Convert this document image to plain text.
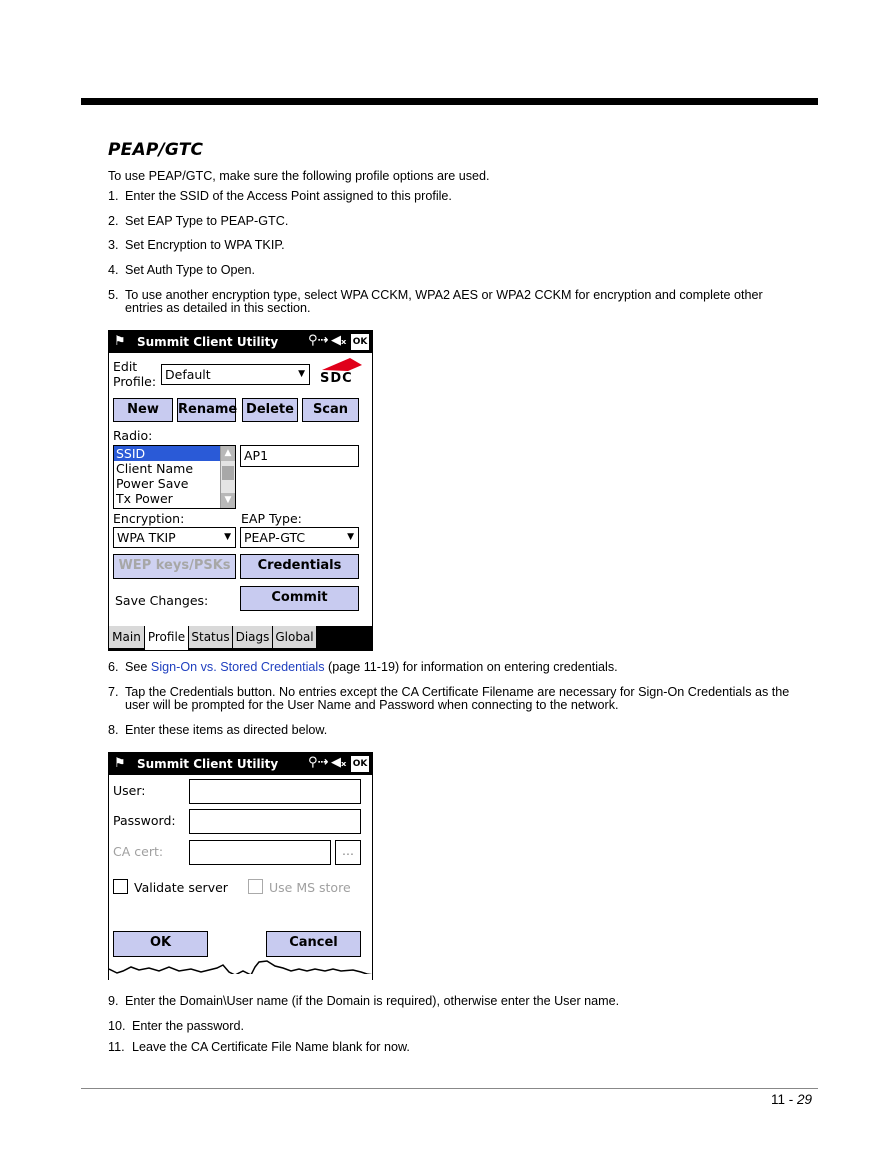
PEAP/GTC
To use PEAP/GTC, make sure the following profile options are used.
1. Enter the SSID of the Access Point assigned to this profile.
2. Set EAP Type to PEAP-GTC.
3. Set Encryption to WPA TKIP.
4. Set Auth Type to Open.
5. To use another encryption type, select WPA CCKM, WPA2 AES or WPA2 CCKM for encryption and complete other
entries as detailed in this section.
⚑ Summit Client Utility ⚲⇢ ◀ₓ OK
Edit
Profile: Default	▼ SDC
New	Rename Delete	Scan
Radio:
SSID
Client Name
Power Save
Tx Power
▲
▼
AP1
Encryption:	EAP Type:
WPA TKIP	▼	PEAP-GTC	▼
WEP keys/PSKs	Credentials
Save Changes:	Commit
Main Profile Status Diags Global
6. See Sign-On vs. Stored Credentials (page 11-19) for information on entering credentials.
7. Tap the Credentials button. No entries except the CA Certificate Filename are necessary for Sign-On Credentials as the
user will be prompted for the User Name and Password when connecting to the network.
8. Enter these items as directed below.
⚑ Summit Client Utility ⚲⇢ ◀ₓ OK
User:
Password:
CA cert:	...
Validate server	Use MS store
OK	Cancel
9. Enter the Domain\User name (if the Domain is required), otherwise enter the User name.
10. Enter the password.
11. Leave the CA Certificate File Name blank for now.
11 - 29
